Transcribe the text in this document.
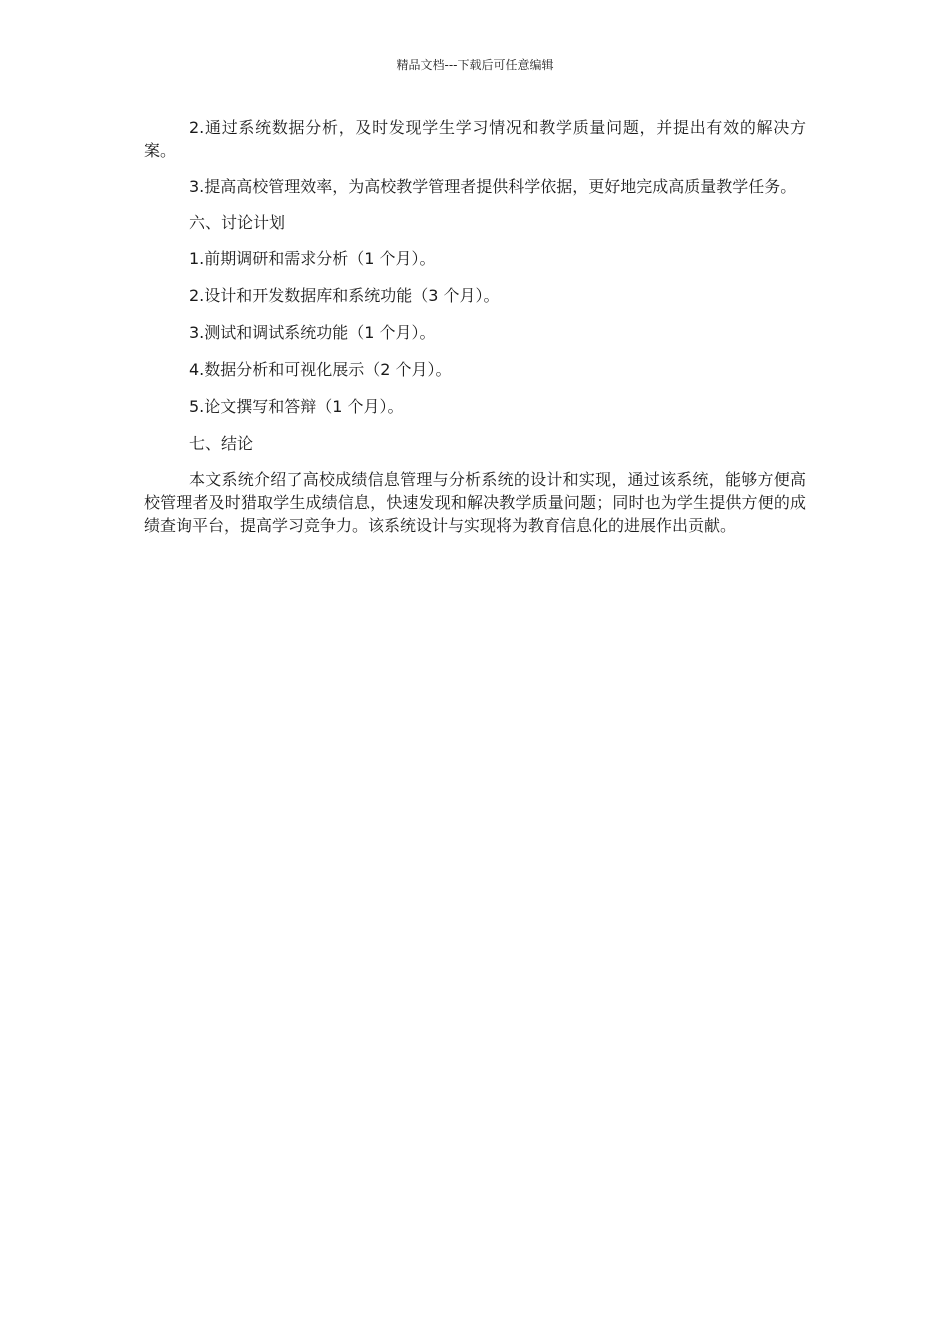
精品文档---下载后可任意编辑

2.通过系统数据分析，及时发现学生学习情况和教学质量问题，并提出有效的解决方案。

3.提高高校管理效率，为高校教学管理者提供科学依据，更好地完成高质量教学任务。

六、讨论计划

1.前期调研和需求分析（1 个月）。

2.设计和开发数据库和系统功能（3 个月）。

3.测试和调试系统功能（1 个月）。

4.数据分析和可视化展示（2 个月）。

5.论文撰写和答辩（1 个月）。

七、结论

本文系统介绍了高校成绩信息管理与分析系统的设计和实现，通过该系统，能够方便高校管理者及时猎取学生成绩信息，快速发现和解决教学质量问题；同时也为学生提供方便的成绩查询平台，提高学习竞争力。该系统设计与实现将为教育信息化的进展作出贡献。
